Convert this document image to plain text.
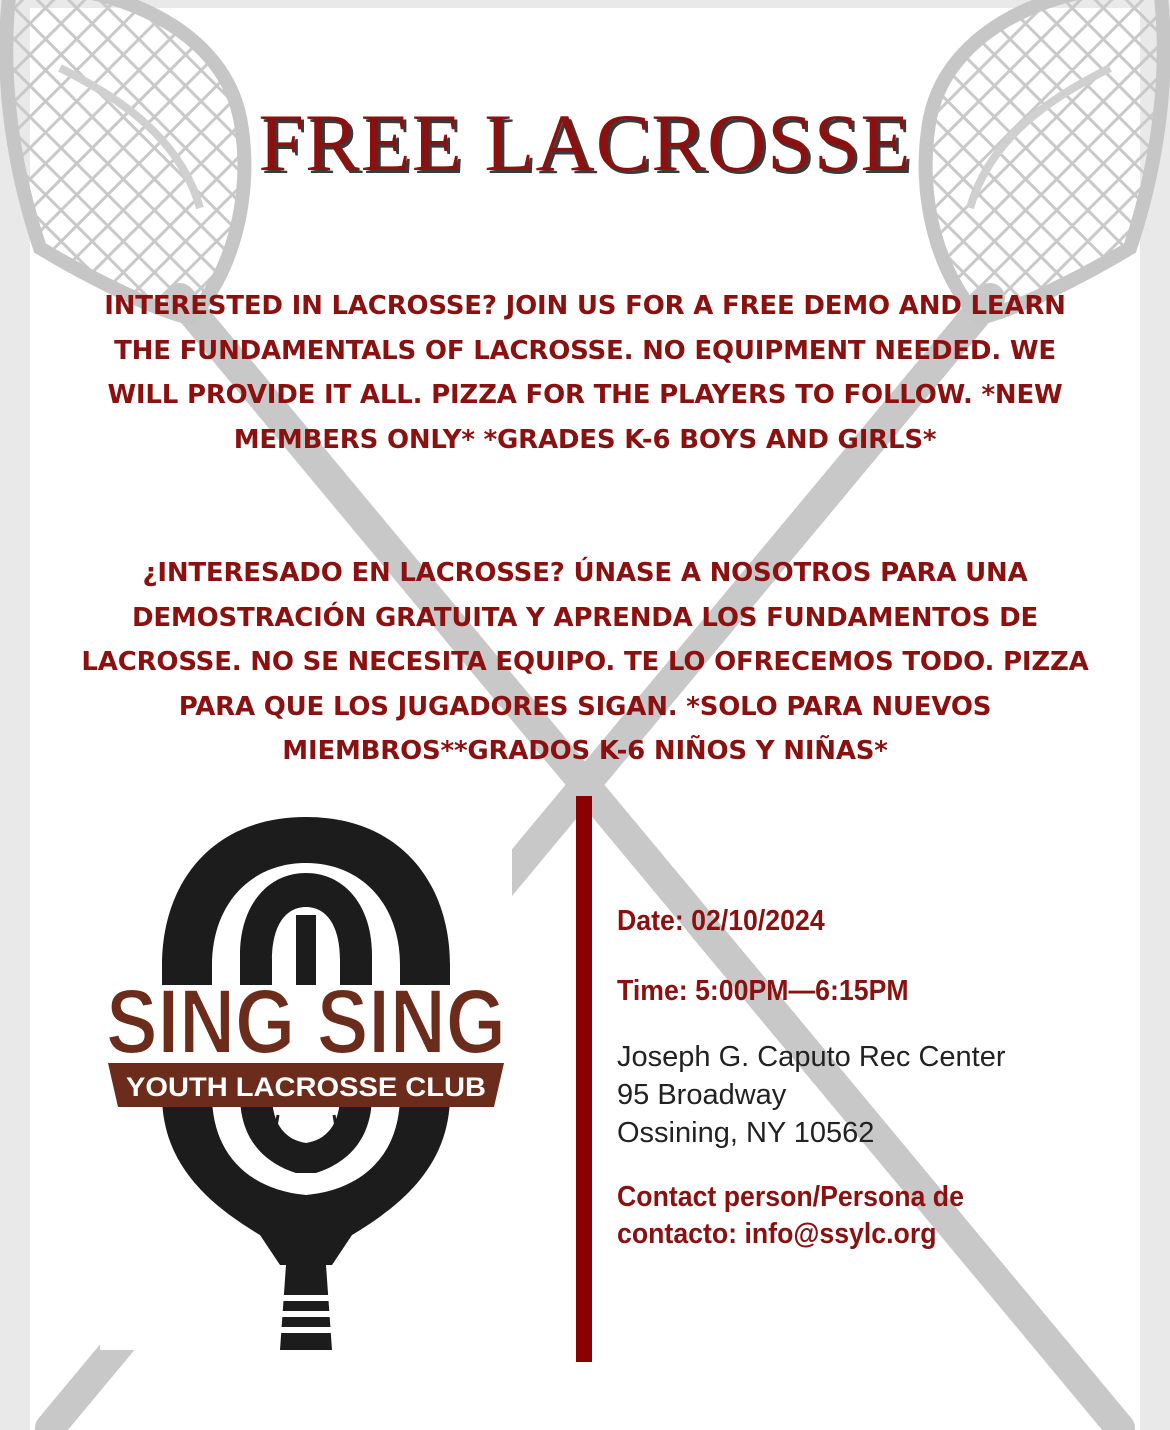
FREE LACROSSE

INTERESTED IN LACROSSE? JOIN US FOR A FREE DEMO AND LEARN THE FUNDAMENTALS OF LACROSSE. NO EQUIPMENT NEEDED. WE WILL PROVIDE IT ALL. PIZZA FOR THE PLAYERS TO FOLLOW. *NEW MEMBERS ONLY* *GRADES K-6 BOYS AND GIRLS*

¿INTERESADO EN LACROSSE? ÚNASE A NOSOTROS PARA UNA DEMOSTRACIÓN GRATUITA Y APRENDA LOS FUNDAMENTOS DE LACROSSE. NO SE NECESITA EQUIPO. TE LO OFRECEMOS TODO. PIZZA PARA QUE LOS JUGADORES SIGAN. *SOLO PARA NUEVOS MIEMBROS**GRADOS K-6 NIÑOS Y NIÑAS*

SING SING
YOUTH LACROSSE CLUB
Date: 02/10/2024
Time: 5:00PM—6:15PM
Joseph G. Caputo Rec Center
95 Broadway
Ossining, NY 10562
Contact person/Persona de
contacto: info@ssylc.org
